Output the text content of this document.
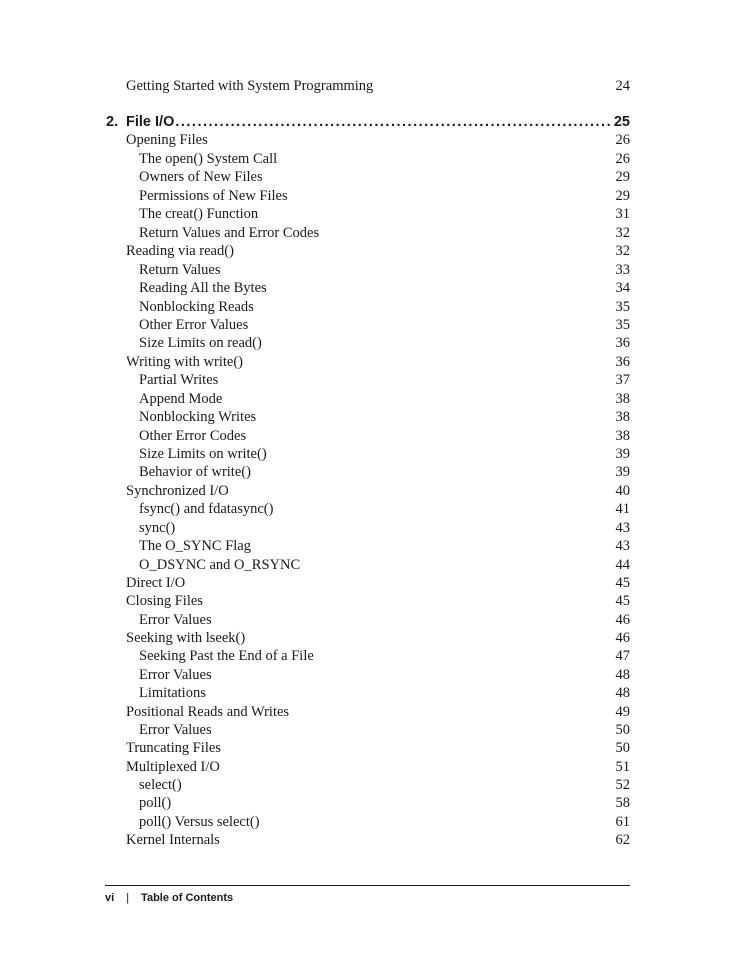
Getting Started with System Programming	24
2. File I/O .....	25
Opening Files	26
The open() System Call	26
Owners of New Files	29
Permissions of New Files	29
The creat() Function	31
Return Values and Error Codes	32
Reading via read()	32
Return Values	33
Reading All the Bytes	34
Nonblocking Reads	35
Other Error Values	35
Size Limits on read()	36
Writing with write()	36
Partial Writes	37
Append Mode	38
Nonblocking Writes	38
Other Error Codes	38
Size Limits on write()	39
Behavior of write()	39
Synchronized I/O	40
fsync() and fdatasync()	41
sync()	43
The O_SYNC Flag	43
O_DSYNC and O_RSYNC	44
Direct I/O	45
Closing Files	45
Error Values	46
Seeking with lseek()	46
Seeking Past the End of a File	47
Error Values	48
Limitations	48
Positional Reads and Writes	49
Error Values	50
Truncating Files	50
Multiplexed I/O	51
select()	52
poll()	58
poll() Versus select()	61
Kernel Internals	62
vi | Table of Contents
